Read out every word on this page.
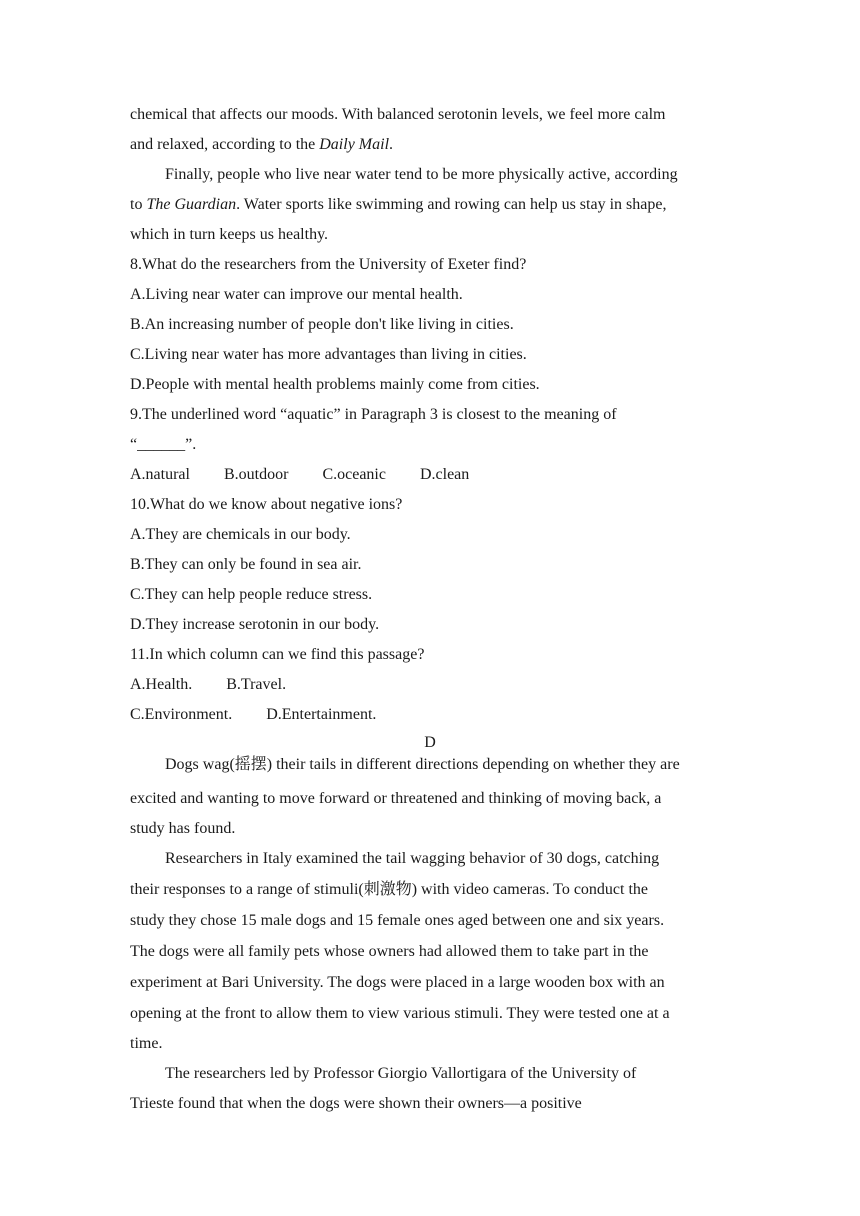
chemical that affects our moods. With balanced serotonin levels, we feel more calm
and relaxed, according to the Daily Mail.
Finally, people who live near water tend to be more physically active, according
to The Guardian. Water sports like swimming and rowing can help us stay in shape,
which in turn keeps us healthy.
8.What do the researchers from the University of Exeter find?
A.Living near water can improve our mental health.
B.An increasing number of people don't like living in cities.
C.Living near water has more advantages than living in cities.
D.People with mental health problems mainly come from cities.
9.The underlined word “aquatic” in Paragraph 3 is closest to the meaning of
“______”.
A.natural B.outdoor C.oceanic D.clean
10.What do we know about negative ions?
A.They are chemicals in our body.
B.They can only be found in sea air.
C.They can help people reduce stress.
D.They increase serotonin in our body.
11.In which column can we find this passage?
A.Health. B.Travel.
C.Environment. D.Entertainment.
D
Dogs wag(摇摆) their tails in different directions depending on whether they are
excited and wanting to move forward or threatened and thinking of moving back, a
study has found.
Researchers in Italy examined the tail wagging behavior of 30 dogs, catching
their responses to a range of stimuli(刺激物) with video cameras. To conduct the
study they chose 15 male dogs and 15 female ones aged between one and six years.
The dogs were all family pets whose owners had allowed them to take part in the
experiment at Bari University. The dogs were placed in a large wooden box with an
opening at the front to allow them to view various stimuli. They were tested one at a
time.
The researchers led by Professor Giorgio Vallortigara of the University of
Trieste found that when the dogs were shown their owners—a positive
